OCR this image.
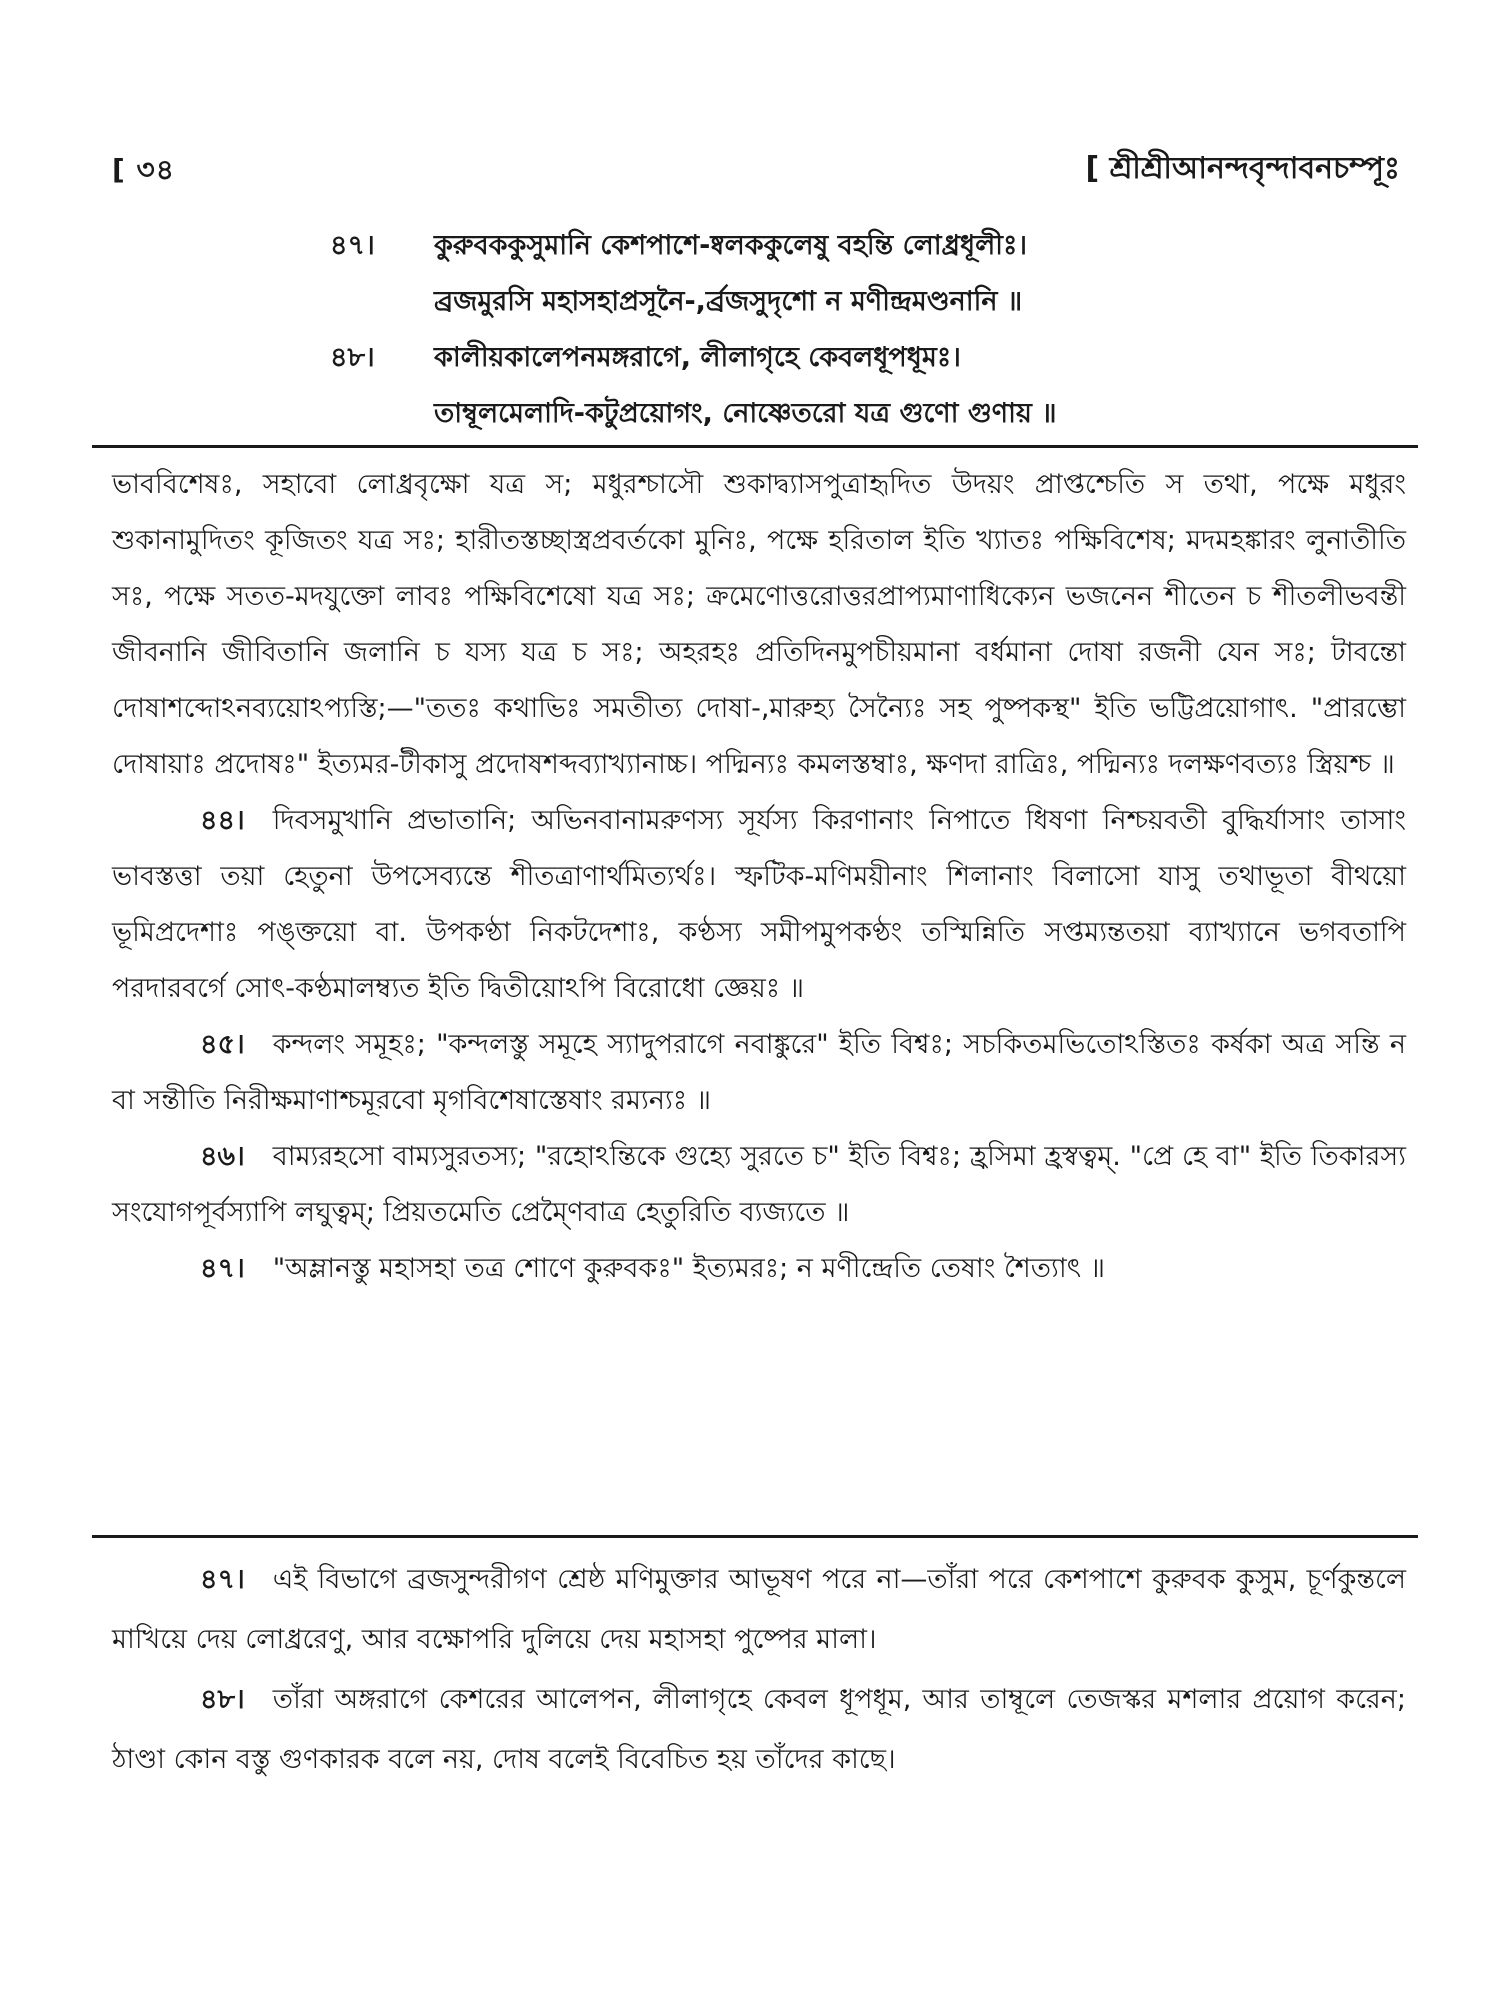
[ ৩৪	[ শ্রীশ্রীআনন্দবৃন্দাবনচম্পূঃ
৪৭। কুরুবককুসুমানি কেশপাশে-ষ্বলককুলেষু বহন্তি লোধ্রধূলীঃ।
ব্রজমুরসি মহাসহাপ্রসূনৈ-,র্ব্রজসুদৃশো ন মণীন্দ্রমণ্ডনানি ॥
৪৮। কালীয়কালেপনমঙ্গরাগে, লীলাগৃহে কেবলধূপধূমঃ।
তাম্বূলমেলাদি-কটুপ্রয়োগং, নোষ্ণেতরো যত্র গুণো গুণায় ॥

ভাববিশেষঃ, সহাবো লোধ্রবৃক্ষো যত্র স; মধুরশ্চাসৌ শুকাদ্ব্যাসপুত্রাহৃদিত উদয়ং প্রাপ্তশ্চেতি স তথা, পক্ষে মধুরং শুকানামুদিতং কূজিতং যত্র সঃ; হারীতস্তচ্ছাস্ত্রপ্রবর্তকো মুনিঃ, পক্ষে হরিতাল ইতি খ্যাতঃ পক্ষিবিশেষ; মদমহঙ্কারং লুনাতীতি সঃ, পক্ষে সতত-মদযুক্তো লাবঃ পক্ষিবিশেষো যত্র সঃ; ক্রমেণোত্তরোত্তরপ্রাপ্যমাণাধিক্যেন ভজনেন শীতেন চ শীতলীভবন্তী জীবনানি জীবিতানি জলানি চ যস্য যত্র চ সঃ; অহরহঃ প্রতিদিনমুপচীয়মানা বর্ধমানা দোষা রজনী যেন সঃ; টাবন্তো দোষাশব্দোঽনব্যয়োঽপ্যস্তি;—"ততঃ কথাভিঃ সমতীত্য দোষা-,মারুহ্য সৈন্যৈঃ সহ পুষ্পকস্থ" ইতি ভট্টিপ্রয়োগাৎ. "প্রারম্ভো দোষায়াঃ প্রদোষঃ" ইত্যমর-টীকাসু প্রদোষশব্দব্যাখ্যানাচ্চ। পদ্মিন্যঃ কমলস্তম্বাঃ, ক্ষণদা রাত্রিঃ, পদ্মিন্যঃ দলক্ষণবত্যঃ স্ত্রিয়শ্চ ॥

৪৪। দিবসমুখানি প্রভাতানি; অভিনবানামরুণস্য সূর্যস্য কিরণানাং নিপাতে ধিষণা নিশ্চয়বতী বুদ্ধির্যাসাং তাসাং ভাবস্তত্তা তয়া হেতুনা উপসেব্যন্তে শীতত্রাণার্থমিত্যর্থঃ। স্ফটিক-মণিময়ীনাং শিলানাং বিলাসো যাসু তথাভূতা বীথয়ো ভূমিপ্রদেশাঃ পঙ্ক্তয়ো বা. উপকণ্ঠা নিকটদেশাঃ, কণ্ঠস্য সমীপমুপকণ্ঠং তস্মিন্নিতি সপ্তম্যন্ততয়া ব্যাখ্যানে ভগবতাপি পরদারবর্গে সোৎ-কণ্ঠমালম্ব্যত ইতি দ্বিতীয়োঽপি বিরোধো জ্ঞেয়ঃ ॥

৪৫। কন্দলং সমূহঃ; "কন্দলস্তু সমূহে স্যাদুপরাগে নবাঙ্কুরে" ইতি বিশ্বঃ; সচকিতমভিতোঽস্তিতঃ কর্ষকা অত্র সন্তি ন বা সন্তীতি নিরীক্ষমাণাশ্চমূরবো মৃগবিশেষাস্তেষাং রম্যন্যঃ ॥

৪৬। বাম্যরহসো বাম্যসুরতস্য; "রহোঽন্তিকে গুহ্যে সুরতে চ" ইতি বিশ্বঃ; হ্রসিমা হ্রস্বত্বম্. "প্রে হে বা" ইতি তিকারস্য সংযোগপূর্বস্যাপি লঘুত্বম্; প্রিয়তমেতি প্রেম্ণৈবাত্র হেতুরিতি ব্যজ্যতে ॥

৪৭। "অম্লানস্তু মহাসহা তত্র শোণে কুরুবকঃ" ইত্যমরঃ; ন মণীন্দ্রেতি তেষাং শৈত্যাৎ ॥

৪৭। এই বিভাগে ব্রজসুন্দরীগণ শ্রেষ্ঠ মণিমুক্তার আভূষণ পরে না—তাঁরা পরে কেশপাশে কুরুবক কুসুম, চূর্ণকুন্তলে মাখিয়ে দেয় লোধ্ররেণু, আর বক্ষোপরি দুলিয়ে দেয় মহাসহা পুষ্পের মালা।

৪৮। তাঁরা অঙ্গরাগে কেশরের আলেপন, লীলাগৃহে কেবল ধূপধূম, আর তাম্বূলে তেজস্কর মশলার প্রয়োগ করেন; ঠাণ্ডা কোন বস্তু গুণকারক বলে নয়, দোষ বলেই বিবেচিত হয় তাঁদের কাছে।
